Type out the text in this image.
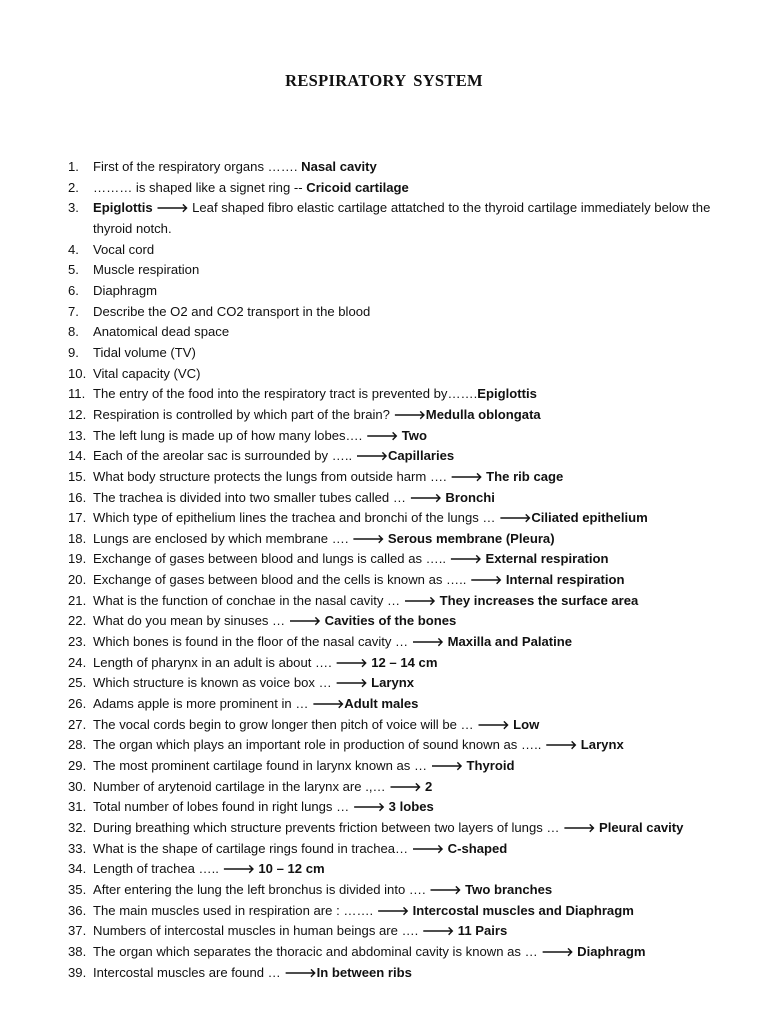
RESPIRATORY SYSTEM
1. First of the respiratory organs ……. Nasal cavity
2. ……… is shaped like a signet ring -- Cricoid cartilage
3. Epiglottis 🡒 Leaf shaped fibro elastic cartilage attatched to the thyroid cartilage immediately below the thyroid notch.
4. Vocal cord
5. Muscle respiration
6. Diaphragm
7. Describe the O2 and CO2 transport in the blood
8. Anatomical dead space
9. Tidal volume (TV)
10. Vital capacity (VC)
11. The entry of the food into the respiratory tract is prevented by…….Epiglottis
12. Respiration is controlled by which part of the brain? 🡒Medulla oblongata
13. The left lung is made up of how many lobes…. 🡒 Two
14. Each of the areolar sac is surrounded by ….. 🡒Capillaries
15. What body structure protects the lungs from outside harm …. 🡒 The rib cage
16. The trachea is divided into two smaller tubes called … 🡒 Bronchi
17. Which type of epithelium lines the trachea and bronchi of the lungs … 🡒Ciliated epithelium
18. Lungs are enclosed by which membrane …. 🡒 Serous membrane (Pleura)
19. Exchange of gases between blood and lungs is called as ….. 🡒 External respiration
20. Exchange of gases between blood and the cells is known as ….. 🡒 Internal respiration
21. What is the function of conchae in the nasal cavity … 🡒 They increases the surface area
22. What do you mean by sinuses … 🡒 Cavities of the bones
23. Which bones is found in the floor of the nasal cavity … 🡒 Maxilla and Palatine
24. Length of pharynx in an adult is about …. 🡒 12 – 14 cm
25. Which structure is known as voice box … 🡒 Larynx
26. Adams apple is more prominent in … 🡒Adult males
27. The vocal cords begin to grow longer then pitch of voice will be … 🡒 Low
28. The organ which plays an important role in production of sound known as ….. 🡒 Larynx
29. The most prominent cartilage found in larynx known as … 🡒 Thyroid
30. Number of arytenoid cartilage in the larynx are .,… 🡒 2
31. Total number of lobes found in right lungs … 🡒 3 lobes
32. During breathing which structure prevents friction between two layers of lungs … 🡒 Pleural cavity
33. What is the shape of cartilage rings found in trachea… 🡒 C-shaped
34. Length of trachea ….. 🡒 10 – 12 cm
35. After entering the lung the left bronchus is divided into …. 🡒 Two branches
36. The main muscles used in respiration are : ……. 🡒 Intercostal muscles and Diaphragm
37. Numbers of intercostal muscles in human beings are …. 🡒 11 Pairs
38. The organ which separates the thoracic and abdominal cavity is known as … 🡒 Diaphragm
39. Intercostal muscles are found … 🡒In between ribs
